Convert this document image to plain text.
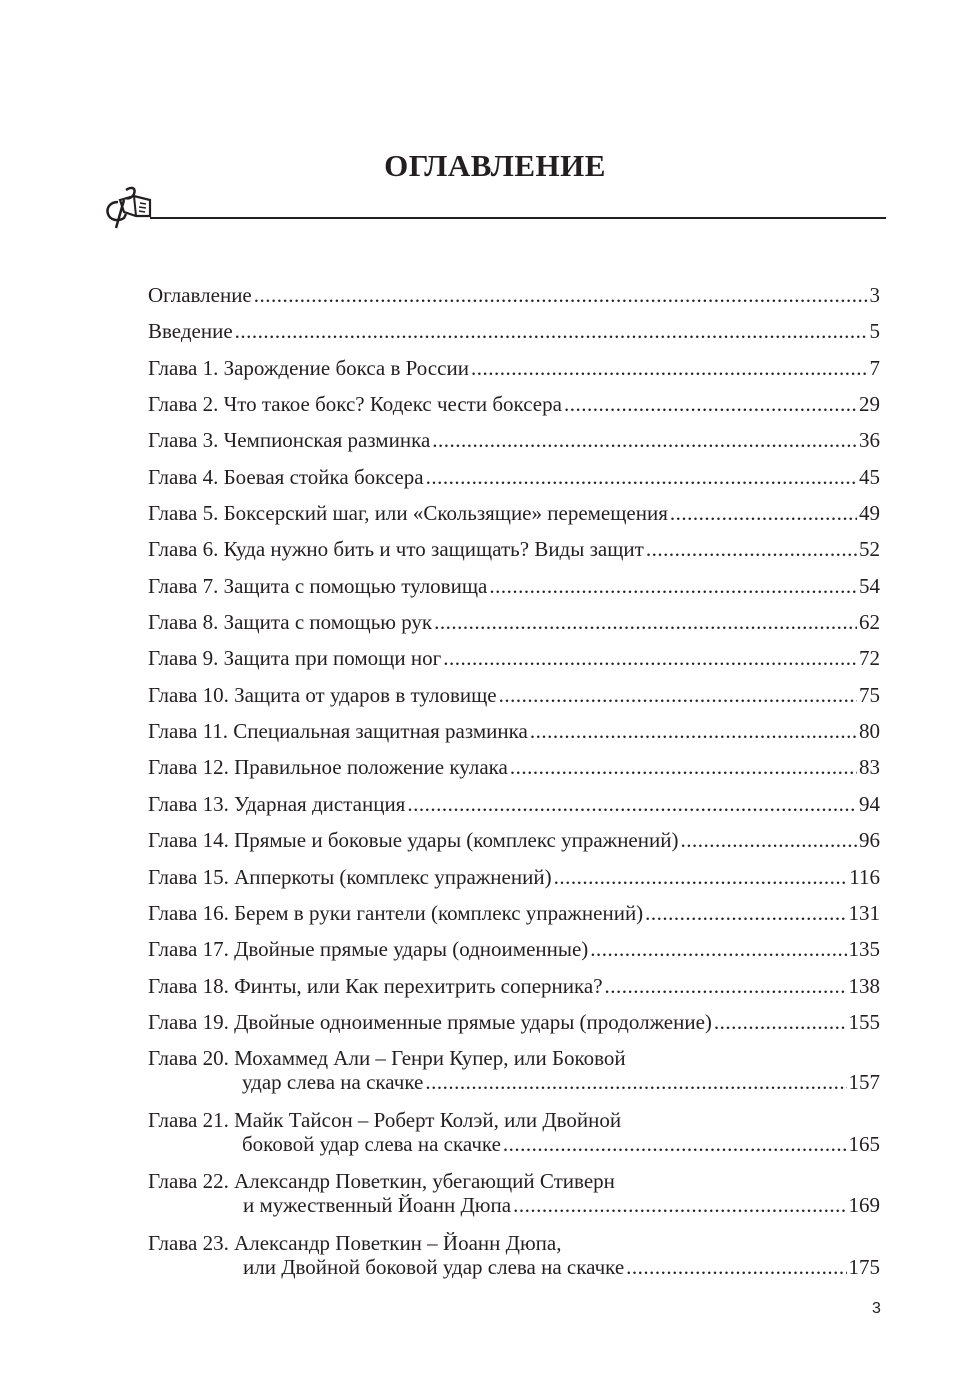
ОГЛАВЛЕНИЕ
Оглавление .....	3
Введение .....	5
Глава 1. Зарождение бокса в России .....	7
Глава 2. Что такое бокс? Кодекс чести боксера .....	29
Глава 3. Чемпионская разминка .....	36
Глава 4. Боевая стойка боксера .....	45
Глава 5. Боксерский шаг, или «Скользящие» перемещения .....	49
Глава 6. Куда нужно бить и что защищать? Виды защит .....	52
Глава 7. Защита с помощью туловища .....	54
Глава 8. Защита с помощью рук .....	62
Глава 9. Защита при помощи ног .....	72
Глава 10. Защита от ударов в туловище .....	75
Глава 11. Специальная защитная разминка .....	80
Глава 12. Правильное положение кулака .....	83
Глава 13. Ударная дистанция .....	94
Глава 14. Прямые и боковые удары (комплекс упражнений) .....	96
Глава 15. Апперкоты (комплекс упражнений) .....	116
Глава 16. Берем в руки гантели (комплекс упражнений) .....	131
Глава 17. Двойные прямые удары (одноименные) .....	135
Глава 18. Финты, или Как перехитрить соперника? .....	138
Глава 19. Двойные одноименные прямые удары (продолжение) .....	155
Глава 20. Мохаммед Али – Генри Купер, или Боковой
удар слева на скачке .....	157
Глава 21. Майк Тайсон – Роберт Колэй, или Двойной
боковой удар слева на скачке .....	165
Глава 22. Александр Поветкин, убегающий Стиверн
и мужественный Йоанн Дюпа .....	169
Глава 23. Александр Поветкин – Йоанн Дюпа,
или Двойной боковой удар слева на скачке .....	175
3
